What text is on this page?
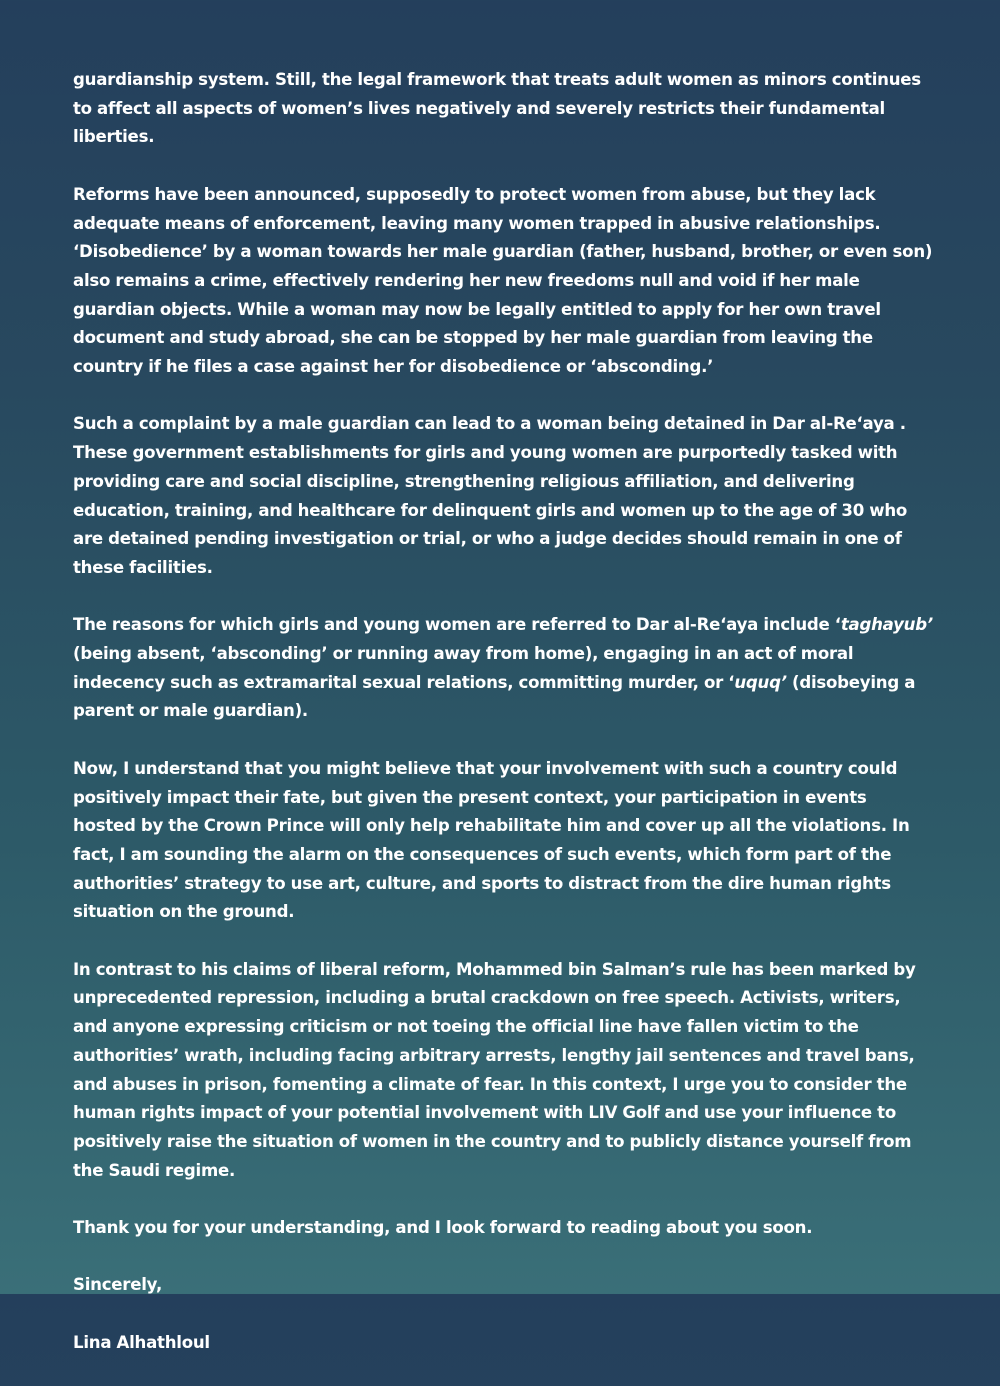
guardianship system. Still, the legal framework that treats adult women as minors continues to affect all aspects of women’s lives negatively and severely restricts their fundamental liberties.

Reforms have been announced, supposedly to protect women from abuse, but they lack adequate means of enforcement, leaving many women trapped in abusive relationships. ‘Disobedience’ by a woman towards her male guardian (father, husband, brother, or even son) also remains a crime, effectively rendering her new freedoms null and void if her male guardian objects. While a woman may now be legally entitled to apply for her own travel document and study abroad, she can be stopped by her male guardian from leaving the country if he files a case against her for disobedience or ‘absconding.’

Such a complaint by a male guardian can lead to a woman being detained in Dar al-Re‘aya . These government establishments for girls and young women are purportedly tasked with providing care and social discipline, strengthening religious affiliation, and delivering education, training, and healthcare for delinquent girls and women up to the age of 30 who are detained pending investigation or trial, or who a judge decides should remain in one of these facilities.

The reasons for which girls and young women are referred to Dar al-Re‘aya include ‘taghayub’ (being absent, ‘absconding’ or running away from home), engaging in an act of moral indecency such as extramarital sexual relations, committing murder, or ‘uquq’ (disobeying a parent or male guardian).

Now, I understand that you might believe that your involvement with such a country could positively impact their fate, but given the present context, your participation in events hosted by the Crown Prince will only help rehabilitate him and cover up all the violations. In fact, I am sounding the alarm on the consequences of such events, which form part of the authorities’ strategy to use art, culture, and sports to distract from the dire human rights situation on the ground.

In contrast to his claims of liberal reform, Mohammed bin Salman’s rule has been marked by unprecedented repression, including a brutal crackdown on free speech. Activists, writers, and anyone expressing criticism or not toeing the official line have fallen victim to the authorities’ wrath, including facing arbitrary arrests, lengthy jail sentences and travel bans, and abuses in prison, fomenting a climate of fear. In this context, I urge you to consider the human rights impact of your potential involvement with LIV Golf and use your influence to positively raise the situation of women in the country and to publicly distance yourself from the Saudi regime.

Thank you for your understanding, and I look forward to reading about you soon.

Sincerely,

Lina Alhathloul
